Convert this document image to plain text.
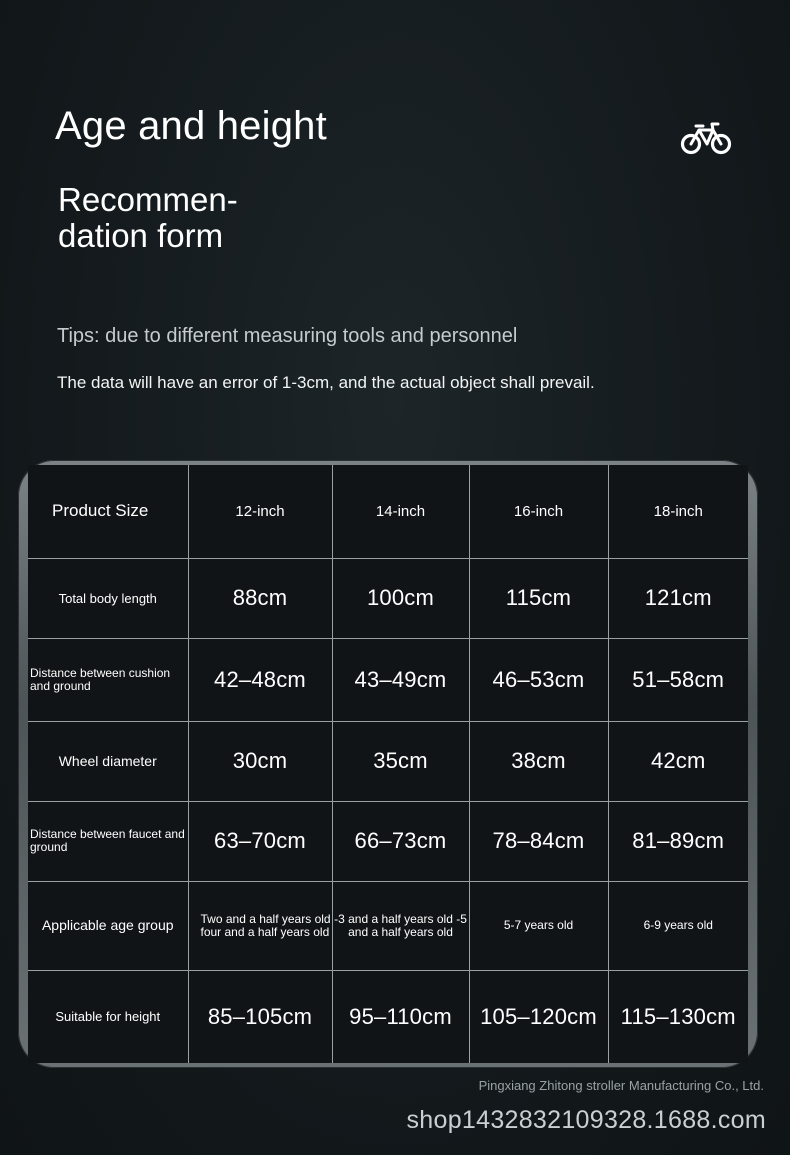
Age and height
Recommen-
dation form
Tips: due to different measuring tools and personnel
The data will have an error of 1-3cm, and the actual object shall prevail.
Product Size	12-inch	14-inch	16-inch	18-inch
Total body length	88cm	100cm	115cm	121cm
Distance between cushion and ground	42–48cm	43–49cm	46–53cm	51–58cm
Wheel diameter	30cm	35cm	38cm	42cm
Distance between faucet and ground	63–70cm	66–73cm	78–84cm	81–89cm
Applicable age group	Two and a half years old four and a half years old	-3 and a half years old -5 and a half years old	5-7 years old	6-9 years old
Suitable for height	85–105cm	95–110cm	105–120cm	115–130cm
Pingxiang Zhitong stroller Manufacturing Co., Ltd.
shop1432832109328.1688.com
